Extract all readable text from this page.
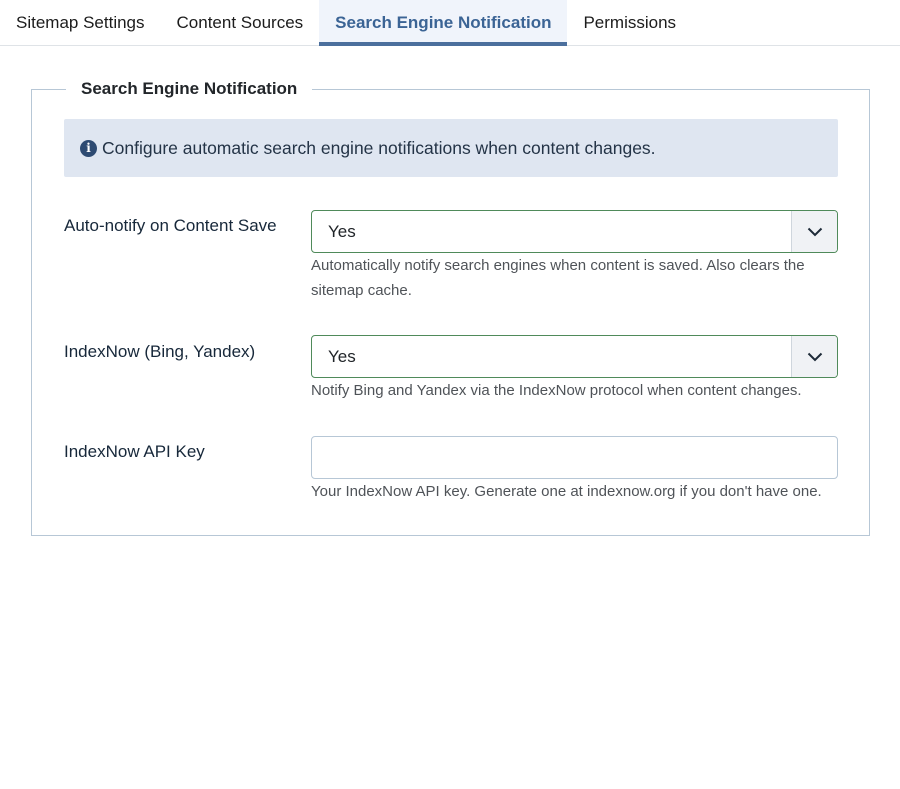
Sitemap Settings	Content Sources	Search Engine Notification	Permissions
Search Engine Notification
i Configure automatic search engine notifications when content changes.
Auto-notify on Content Save	Yes
Automatically notify search engines when content is saved. Also clears the sitemap cache.
IndexNow (Bing, Yandex)	Yes
Notify Bing and Yandex via the IndexNow protocol when content changes.
IndexNow API Key
Your IndexNow API key. Generate one at indexnow.org if you don't have one.
